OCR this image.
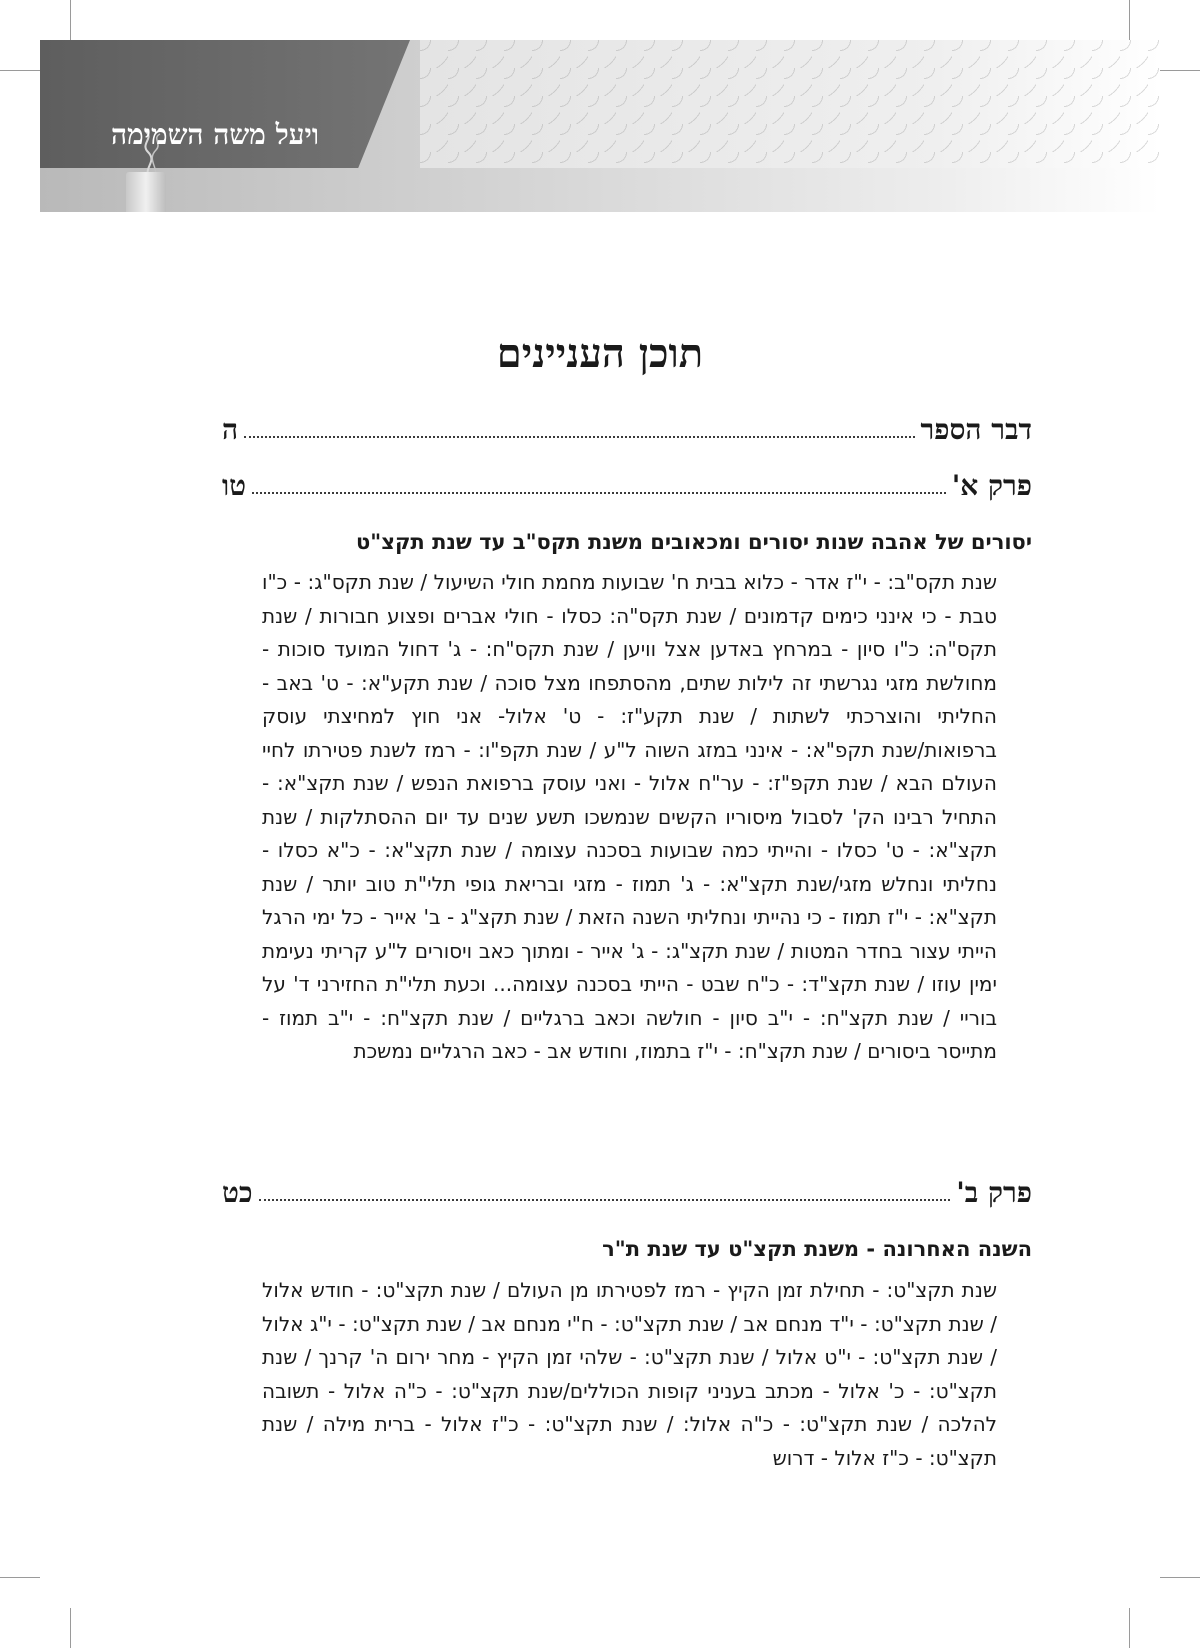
ויעל משה השמימה
תוכן העניינים
דבר הספר
ה
פרק א'
טו
יסורים של אהבה שנות יסורים ומכאובים משנת תקס"ב עד שנת תקצ"ט

שנת תקס"ב: - י"ז אדר - כלוא בבית ח' שבועות מחמת חולי השיעול / שנת תקס"ג: - כ"ו טבת - כי אינני כימים קדמונים / שנת תקס"ה: כסלו - חולי אברים ופצוע חבורות / שנת תקס"ה: כ"ו סיון - במרחץ באדען אצל וויען / שנת תקס"ח: - ג' דחול המועד סוכות - מחולשת מזגי נגרשתי זה לילות שתים, מהסתפחו מצל סוכה / שנת תקע"א: - ט' באב - החליתי והוצרכתי לשתות / שנת תקע"ז: - ט' אלול- אני חוץ למחיצתי עוסק ברפואות/שנת תקפ"א: - אינני במזג השוה ל"ע / שנת תקפ"ו: - רמז לשנת פטירתו לחיי העולם הבא / שנת תקפ"ז: - ער"ח אלול - ואני עוסק ברפואת הנפש / שנת תקצ"א: - התחיל רבינו הק' לסבול מיסוריו הקשים שנמשכו תשע שנים עד יום ההסתלקות / שנת תקצ"א: - ט' כסלו - והייתי כמה שבועות בסכנה עצומה / שנת תקצ"א: - כ"א כסלו - נחליתי ונחלש מזגי/שנת תקצ"א: - ג' תמוז - מזגי ובריאת גופי תלי"ת טוב יותר / שנת תקצ"א: - י"ז תמוז - כי נהייתי ונחליתי השנה הזאת / שנת תקצ"ג - ב' אייר - כל ימי הרגל הייתי עצור בחדר המטות / שנת תקצ"ג: - ג' אייר - ומתוך כאב ויסורים ל"ע קריתי נעימת ימין עוזו / שנת תקצ"ד: - כ"ח שבט - הייתי בסכנה עצומה... וכעת תלי"ת החזירני ד' על בוריי / שנת תקצ"ח: - י"ב סיון - חולשה וכאב ברגליים / שנת תקצ"ח: - י"ב תמוז - מתייסר ביסורים / שנת תקצ"ח: - י"ז בתמוז, וחודש אב - כאב הרגליים נמשכת

פרק ב'
כט
השנה האחרונה - משנת תקצ"ט עד שנת ת"ר

שנת תקצ"ט: - תחילת זמן הקיץ - רמז לפטירתו מן העולם / שנת תקצ"ט: - חודש אלול / שנת תקצ"ט: - י"ד מנחם אב / שנת תקצ"ט: - ח"י מנחם אב / שנת תקצ"ט: - י"ג אלול / שנת תקצ"ט: - י"ט אלול / שנת תקצ"ט: - שלהי זמן הקיץ - מחר ירום ה' קרנך / שנת תקצ"ט: - כ' אלול - מכתב בעניני קופות הכוללים/שנת תקצ"ט: - כ"ה אלול - תשובה להלכה / שנת תקצ"ט: - כ"ה אלול: / שנת תקצ"ט: - כ"ז אלול - ברית מילה / שנת תקצ"ט: - כ"ז אלול - דרוש
